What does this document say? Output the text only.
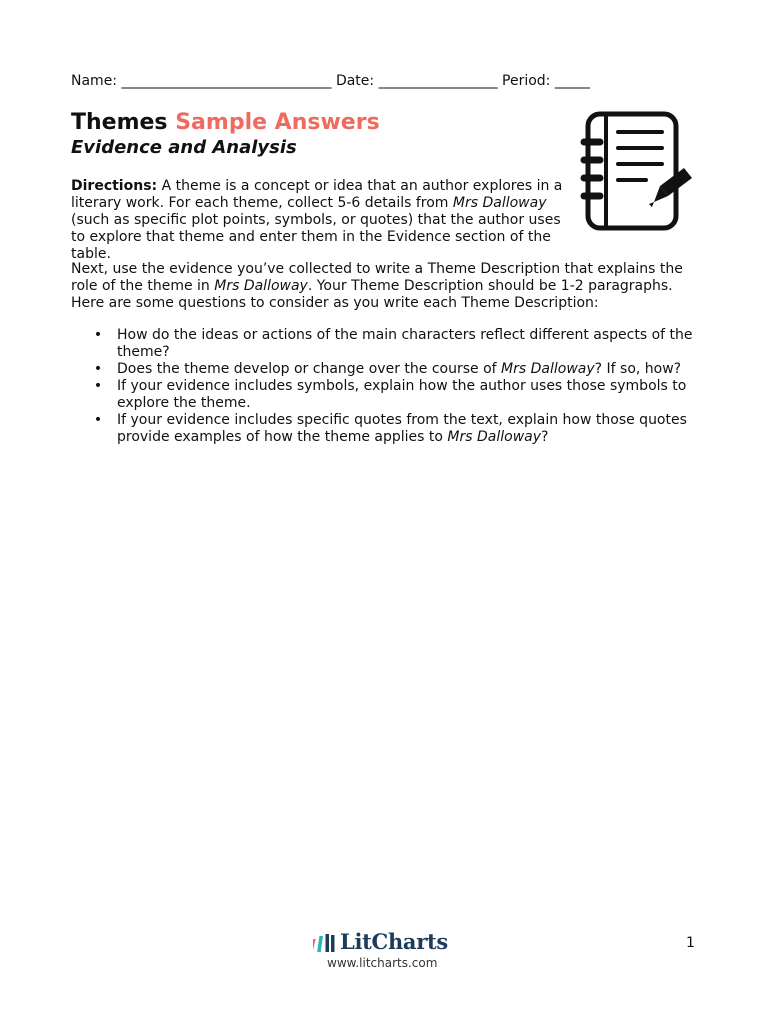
Name: ______________________________ Date: _________________ Period: _____
Themes Sample Answers
Evidence and Analysis

Directions: A theme is a concept or idea that an author explores in a literary work. For each theme, collect 5-6 details from Mrs Dalloway (such as specific plot points, symbols, or quotes) that the author uses to explore that theme and enter them in the Evidence section of the table.

Next, use the evidence you’ve collected to write a Theme Description that explains the role of the theme in Mrs Dalloway. Your Theme Description should be 1-2 paragraphs. Here are some questions to consider as you write each Theme Description:

• How do the ideas or actions of the main characters reflect different aspects of the theme?
• Does the theme develop or change over the course of Mrs Dalloway? If so, how?
• If your evidence includes symbols, explain how the author uses those symbols to explore the theme.
• If your evidence includes specific quotes from the text, explain how those quotes provide examples of how the theme applies to Mrs Dalloway?
LitCharts
www.litcharts.com
1
